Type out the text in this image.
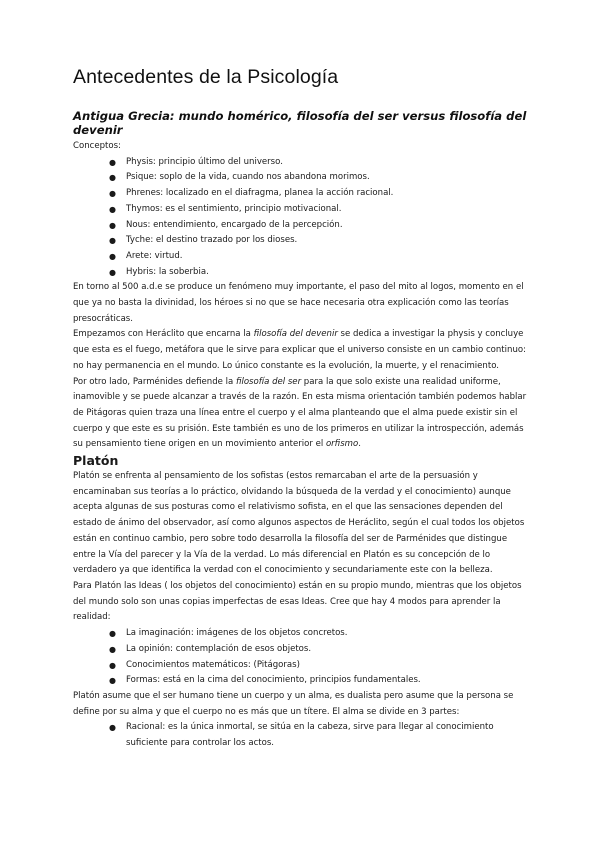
Antecedentes de la Psicología
Antigua Grecia: mundo homérico, filosofía del ser versus filosofía del devenir
Conceptos:
● Physis: principio último del universo.
● Psique: soplo de la vida, cuando nos abandona morimos.
● Phrenes: localizado en el diafragma, planea la acción racional.
● Thymos: es el sentimiento, principio motivacional.
● Nous: entendimiento, encargado de la percepción.
● Tyche: el destino trazado por los dioses.
● Arete: virtud.
● Hybris: la soberbia.

En torno al 500 a.d.e se produce un fenómeno muy importante, el paso del mito al logos, momento en el que ya no basta la divinidad, los héroes si no que se hace necesaria otra explicación como las teorías presocráticas.

Empezamos con Heráclito que encarna la filosofía del devenir se dedica a investigar la physis y concluye que esta es el fuego, metáfora que le sirve para explicar que el universo consiste en un cambio continuo: no hay permanencia en el mundo. Lo único constante es la evolución, la muerte, y el renacimiento.

Por otro lado, Parménides defiende la filosofía del ser para la que solo existe una realidad uniforme, inamovible y se puede alcanzar a través de la razón. En esta misma orientación también podemos hablar de Pitágoras quien traza una línea entre el cuerpo y el alma planteando que el alma puede existir sin el cuerpo y que este es su prisión. Este también es uno de los primeros en utilizar la introspección, además su pensamiento tiene origen en un movimiento anterior el orfismo.

Platón

Platón se enfrenta al pensamiento de los sofistas (estos remarcaban el arte de la persuasión y encaminaban sus teorías a lo práctico, olvidando la búsqueda de la verdad y el conocimiento) aunque acepta algunas de sus posturas como el relativismo sofista, en el que las sensaciones dependen del estado de ánimo del observador, así como algunos aspectos de Heráclito, según el cual todos los objetos están en continuo cambio, pero sobre todo desarrolla la filosofía del ser de Parménides que distingue entre la Vía del parecer y la Vía de la verdad. Lo más diferencial en Platón es su concepción de lo verdadero ya que identifica la verdad con el conocimiento y secundariamente este con la belleza.

Para Platón las Ideas ( los objetos del conocimiento) están en su propio mundo, mientras que los objetos del mundo solo son unas copias imperfectas de esas Ideas. Cree que hay 4 modos para aprender la realidad:

● La imaginación: imágenes de los objetos concretos.
● La opinión: contemplación de esos objetos.
● Conocimientos matemáticos: (Pitágoras)
● Formas: está en la cima del conocimiento, principios fundamentales.

Platón asume que el ser humano tiene un cuerpo y un alma, es dualista pero asume que la persona se define por su alma y que el cuerpo no es más que un títere. El alma se divide en 3 partes:

● Racional: es la única inmortal, se sitúa en la cabeza, sirve para llegar al conocimiento suficiente para controlar los actos.
